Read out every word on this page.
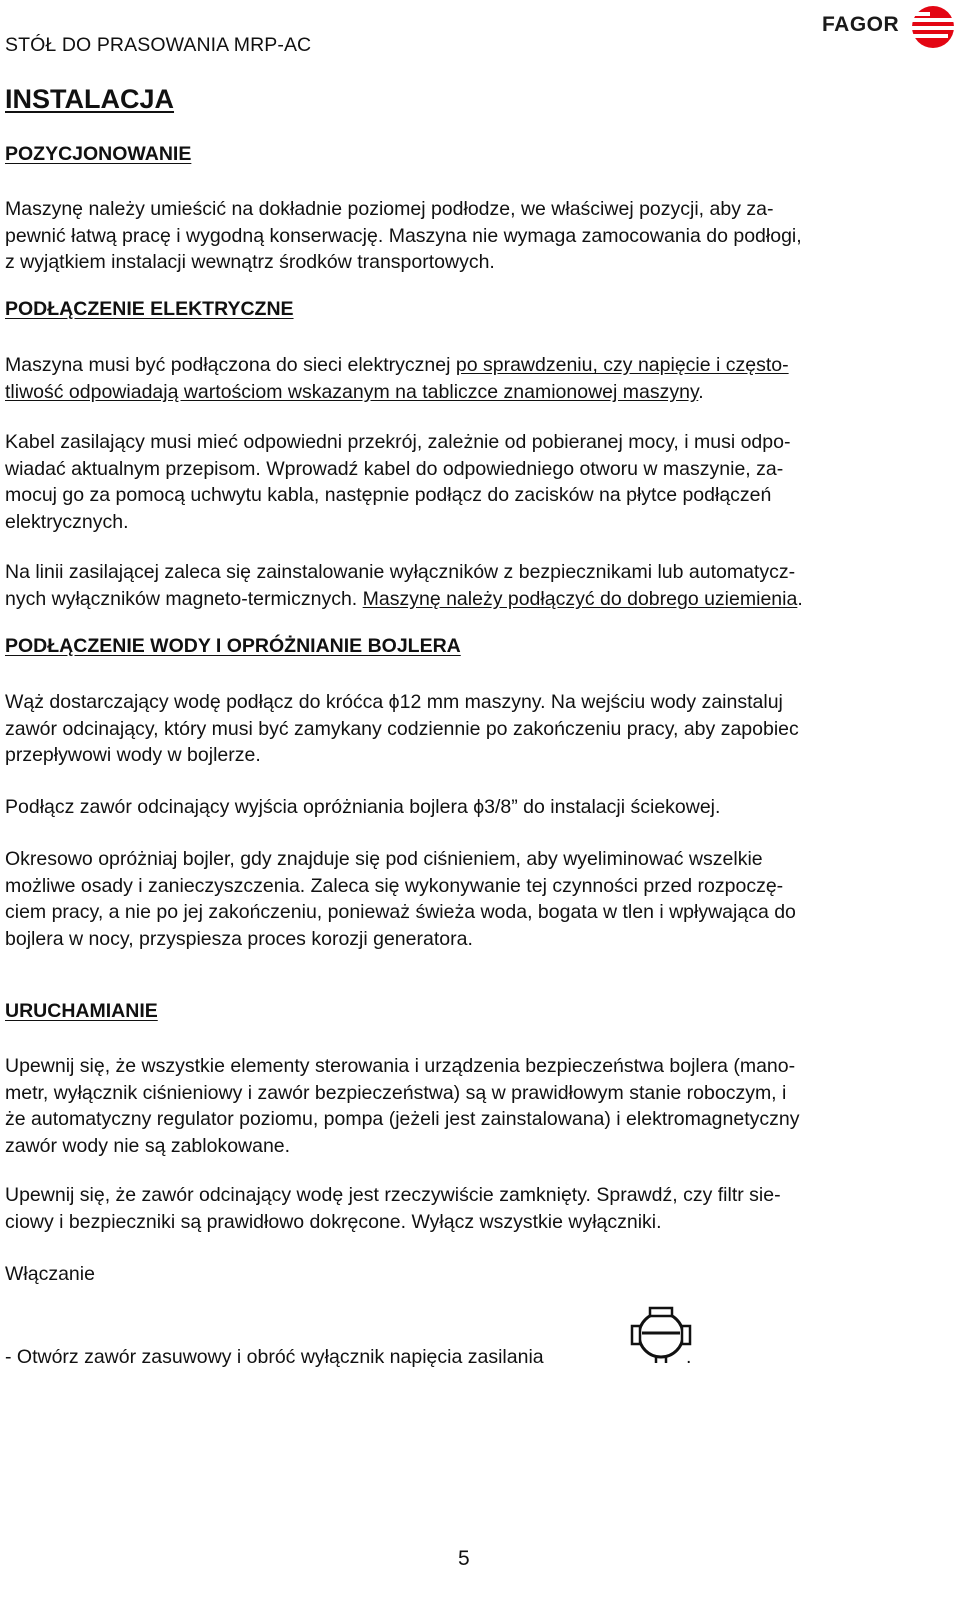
STÓŁ DO PRASOWANIA MRP-AC
FAGOR
INSTALACJA
POZYCJONOWANIE
Maszynę należy umieścić na dokładnie poziomej podłodze, we właściwej pozycji, aby za-
pewnić łatwą pracę i wygodną konserwację. Maszyna nie wymaga zamocowania do podłogi,
z wyjątkiem instalacji wewnątrz środków transportowych.
PODŁĄCZENIE ELEKTRYCZNE
Maszyna musi być podłączona do sieci elektrycznej po sprawdzeniu, czy napięcie i często-
tliwość odpowiadają wartościom wskazanym na tabliczce znamionowej maszyny.
Kabel zasilający musi mieć odpowiedni przekrój, zależnie od pobieranej mocy, i musi odpo-
wiadać aktualnym przepisom. Wprowadź kabel do odpowiedniego otworu w maszynie, za-
mocuj go za pomocą uchwytu kabla, następnie podłącz do zacisków na płytce podłączeń
elektrycznych.
Na linii zasilającej zaleca się zainstalowanie wyłączników z bezpiecznikami lub automatycz-
nych wyłączników magneto-termicznych. Maszynę należy podłączyć do dobrego uziemienia.
PODŁĄCZENIE WODY I OPRÓŻNIANIE BOJLERA
Wąż dostarczający wodę podłącz do króćca ϕ12 mm maszyny. Na wejściu wody zainstaluj
zawór odcinający, który musi być zamykany codziennie po zakończeniu pracy, aby zapobiec
przepływowi wody w bojlerze.
Podłącz zawór odcinający wyjścia opróżniania bojlera ϕ3/8” do instalacji ściekowej.
Okresowo opróżniaj bojler, gdy znajduje się pod ciśnieniem, aby wyeliminować wszelkie
możliwe osady i zanieczyszczenia. Zaleca się wykonywanie tej czynności przed rozpoczę-
ciem pracy, a nie po jej zakończeniu, ponieważ świeża woda, bogata w tlen i wpływająca do
bojlera w nocy, przyspiesza proces korozji generatora.
URUCHAMIANIE
Upewnij się, że wszystkie elementy sterowania i urządzenia bezpieczeństwa bojlera (mano-
metr, wyłącznik ciśnieniowy i zawór bezpieczeństwa) są w prawidłowym stanie roboczym, i
że automatyczny regulator poziomu, pompa (jeżeli jest zainstalowana) i elektromagnetyczny
zawór wody nie są zablokowane.
Upewnij się, że zawór odcinający wodę jest rzeczywiście zamknięty. Sprawdź, czy filtr sie-
ciowy i bezpieczniki są prawidłowo dokręcone. Wyłącz wszystkie wyłączniki.
Włączanie
- Otwórz zawór zasuwowy i obróć wyłącznik napięcia zasilania	.
5
